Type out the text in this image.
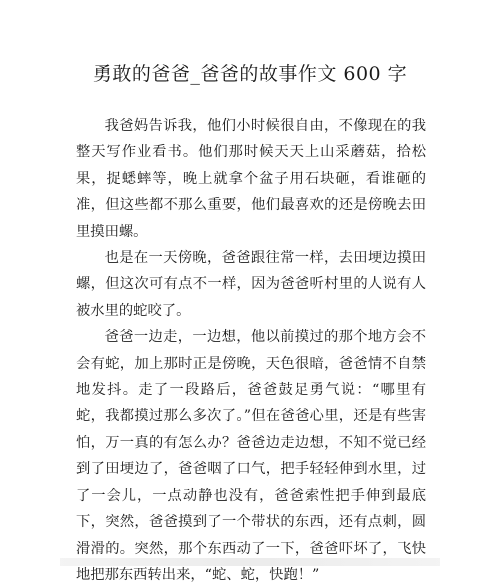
勇敢的爸爸_爸爸的故事作文 600 字

我爸妈告诉我，他们小时候很自由，不像现在的我整天写作业看书。他们那时候天天上山采蘑菇，拾松果，捉蟋蟀等，晚上就拿个盆子用石块砸，看谁砸的准，但这些都不那么重要，他们最喜欢的还是傍晚去田里摸田螺。

也是在一天傍晚，爸爸跟往常一样，去田埂边摸田螺，但这次可有点不一样，因为爸爸听村里的人说有人被水里的蛇咬了。

爸爸一边走，一边想，他以前摸过的那个地方会不会有蛇，加上那时正是傍晚，天色很暗，爸爸情不自禁地发抖。走了一段路后，爸爸鼓足勇气说：“哪里有蛇，我都摸过那么多次了。”但在爸爸心里，还是有些害怕，万一真的有怎么办？爸爸边走边想，不知不觉已经到了田埂边了，爸爸咽了口气，把手轻轻伸到水里，过了一会儿，一点动静也没有，爸爸索性把手伸到最底下，突然，爸爸摸到了一个带状的东西，还有点刺，圆滑滑的。突然，那个东西动了一下，爸爸吓坏了，飞快地把那东西转出来，“蛇、蛇，快跑！”
